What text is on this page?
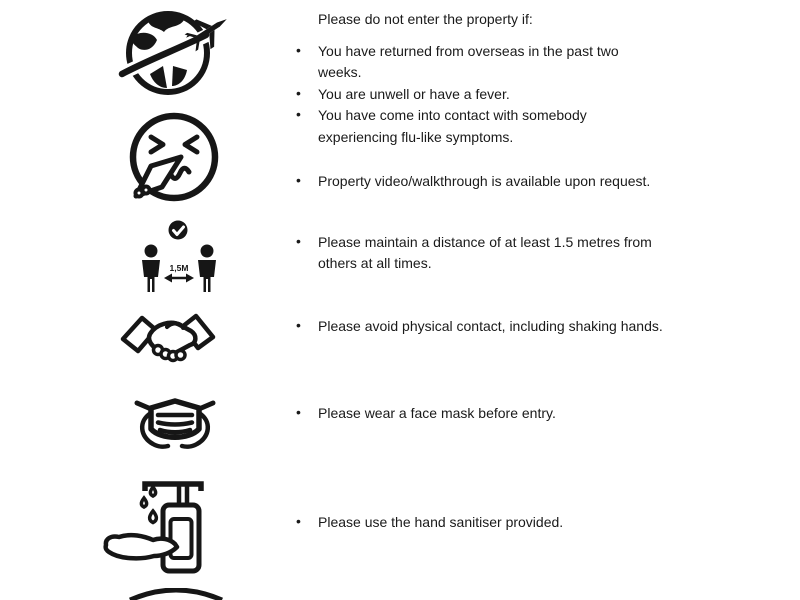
1,5M
Please do not enter the property if:
• You have returned from overseas in the past two weeks.
• You are unwell or have a fever.
• You have come into contact with somebody experiencing flu-like symptoms.
• Property video/walkthrough is available upon request.
• Please maintain a distance of at least 1.5 metres from others at all times.
• Please avoid physical contact, including shaking hands.
• Please wear a face mask before entry.
• Please use the hand sanitiser provided.
